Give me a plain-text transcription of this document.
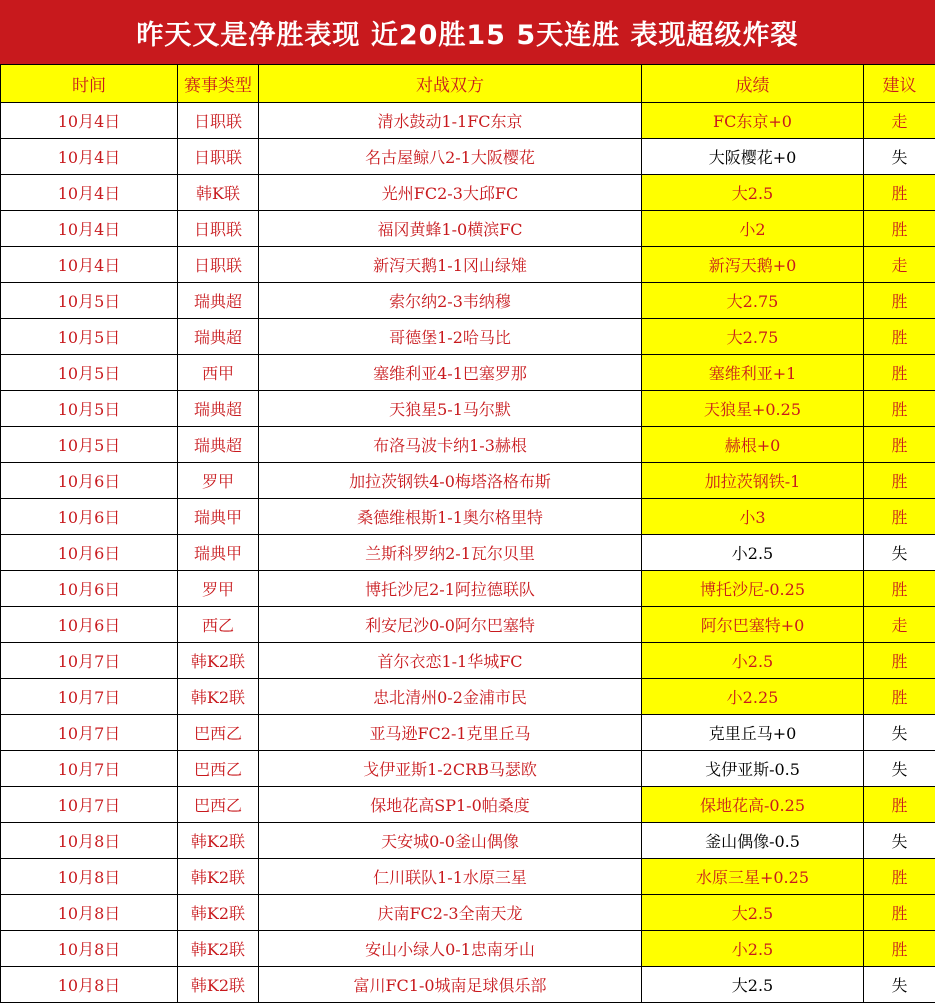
昨天又是净胜表现 近20胜15 5天连胜 表现超级炸裂
时间	赛事类型	对战双方	成绩	建议
10月4日	日职联	清水鼓动1-1FC东京	FC东京+0	走
10月4日	日职联	名古屋鲸八2-1大阪樱花	大阪樱花+0	失
10月4日	韩K联	光州FC2-3大邱FC	大2.5	胜
10月4日	日职联	福冈黄蜂1-0横滨FC	小2	胜
10月4日	日职联	新泻天鹅1-1冈山绿雉	新泻天鹅+0	走
10月5日	瑞典超	索尔纳2-3韦纳穆	大2.75	胜
10月5日	瑞典超	哥德堡1-2哈马比	大2.75	胜
10月5日	西甲	塞维利亚4-1巴塞罗那	塞维利亚+1	胜
10月5日	瑞典超	天狼星5-1马尔默	天狼星+0.25	胜
10月5日	瑞典超	布洛马波卡纳1-3赫根	赫根+0	胜
10月6日	罗甲	加拉茨钢铁4-0梅塔洛格布斯	加拉茨钢铁-1	胜
10月6日	瑞典甲	桑德维根斯1-1奥尔格里特	小3	胜
10月6日	瑞典甲	兰斯科罗纳2-1瓦尔贝里	小2.5	失
10月6日	罗甲	博托沙尼2-1阿拉德联队	博托沙尼-0.25	胜
10月6日	西乙	利安尼沙0-0阿尔巴塞特	阿尔巴塞特+0	走
10月7日	韩K2联	首尔衣恋1-1华城FC	小2.5	胜
10月7日	韩K2联	忠北清州0-2金浦市民	小2.25	胜
10月7日	巴西乙	亚马逊FC2-1克里丘马	克里丘马+0	失
10月7日	巴西乙	戈伊亚斯1-2CRB马瑟欧	戈伊亚斯-0.5	失
10月7日	巴西乙	保地花高SP1-0帕桑度	保地花高-0.25	胜
10月8日	韩K2联	天安城0-0釜山偶像	釜山偶像-0.5	失
10月8日	韩K2联	仁川联队1-1水原三星	水原三星+0.25	胜
10月8日	韩K2联	庆南FC2-3全南天龙	大2.5	胜
10月8日	韩K2联	安山小绿人0-1忠南牙山	小2.5	胜
10月8日	韩K2联	富川FC1-0城南足球俱乐部	大2.5	失
